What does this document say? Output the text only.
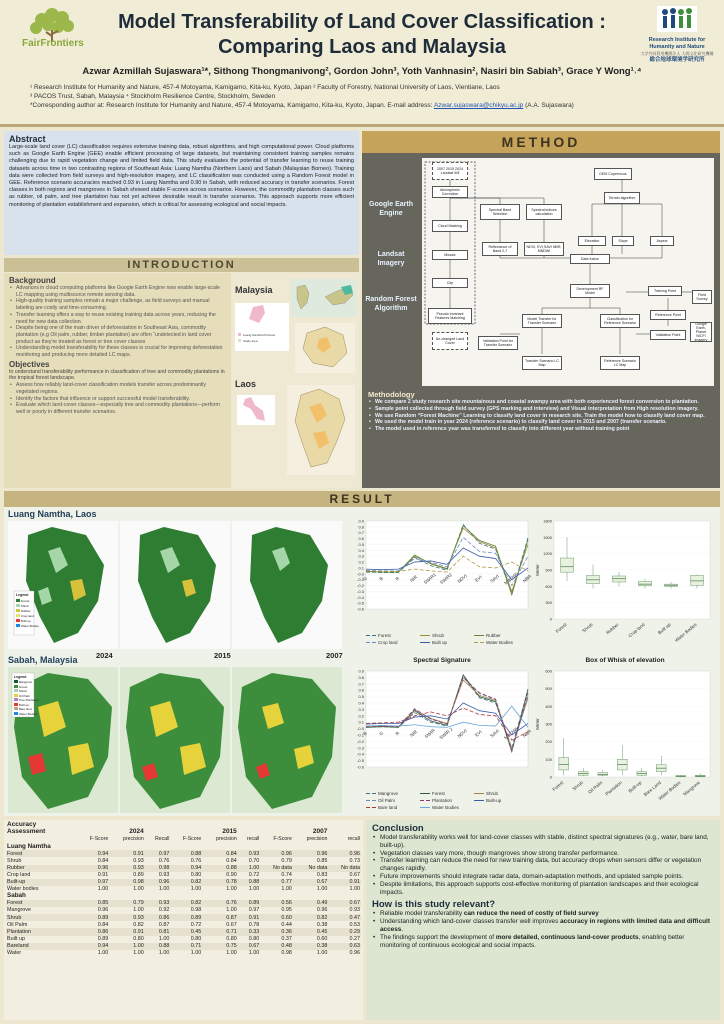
FairFrontiers
Model Transferability of Land Cover Classification :
Comparing Laos and Malaysia	Research Institute for
Humanity and Nature
大学共同利用機関法人 人間文化研究機構
総合地球環境学研究所
Azwar Azmillah Sujaswara¹*, Sithong Thongmanivong², Gordon John³, Yoth Vanhnasin², Nasiri bin Sabiah³, Grace Y Wong¹˒⁴
¹ Research Institute for Humanity and Nature, 457-4 Motoyama, Kamigamo, Kita-ku, Kyoto, Japan ² Faculty of Forestry, National University of Laos, Vientiane, Laos
³ PACOS Trust, Sabah, Malaysia ⁴ Stockholm Resilience Centre, Stockholm, Sweden
*Corresponding author at: Research Institute for Humanity and Nature, 457-4 Motoyama, Kamigamo, Kita-ku, Kyoto, Japan. E-mail address: Azwar.sujaswara@chikyu.ac.jp (A.A. Sujaswara)
Abstract

Large-scale land cover (LC) classification requires extensive training data, robust algorithms, and high computational power. Cloud platforms such as Google Earth Engine (GEE) enable efficient processing of large datasets, but maintaining consistent training samples remains challenging due to rapid vegetation change and limited field data. This study evaluates the potential of transfer learning to reuse training datasets across time in two contrasting regions of Southeast Asia: Luang Namtha (Northern Laos) and Sabah (Malaysian Borneo). Training data were collected from field surveys and high-resolution imagery, and LC classification was conducted using a Random Forest model in GEE. Reference scenario accuracies reached 0.93 in Luang Namtha and 0.90 in Sabah, with reduced accuracy in transfer scenarios. Forest classes in both regions and mangroves in Sabah showed stable F-scores across scenarios. However, the commodity plantation classes such as rubber, oil palm, and tree plantation has not yet achieve desirable result in transfer scenarios. This approach supports more efficient monitoring of plantation establishment and expansion, which is critical for assessing ecological and social impacts.

INTRODUCTION
Background
• Advances in cloud computing platforms like Google Earth Engine now enable large-scale LC mapping using multisource remote sensing data.
• High-quality training samples remain a major challenge, as field surveys and manual labeling are costly and time-consuming.
• Transfer learning offers a way to reuse existing training data across years, reducing the need for new data collection.
• Despite being one of the main driver of deforestation in Southeast Asia, commodity plantation (e.g Oil palm, rubber, timber plantation) are often “undetected in land cover product as they're treated as forest or tree cover classes
• Understanding model transferability for these classes is crucial for improving deforestation monitoring and producing more detailed LC maps.
Objectives
to understand transferability performance in classification of tree and commodity plantations in the tropical forest landscape.
• Assess how reliably land-cover classification models transfer across predominantly vegetated regions.
• Identify the factors that influence or support successful model transferability.
• Evaluate which land-cover classes—especially tree and commodity plantations—perform well or poorly in different transfer scenarios.
Malaysia
Luang Namtha Province
Study area
Laos
METHOD
Google Earth Engine
Landsat Imagery
Random Forest Algorithm
2007 2015 2024 Landsat 5/8	DEM Copernicus
Atmospheric Correction
Spectral Band Selection
Spectral indices calculation
Terrain algorithm
Cloud Masking
Reflectance of Band 2-7
NDVI, EVI,SAVI NBR, MNDWI
Elevation	Slope	Aspect
Mosaic
Data fusion
Clip
Development RF Model
Training Point
Field Survey
Pseudo Invariant Features Matching	Model Transfer for Transfer Scenario
Classification for Reference Scenario
Reference Point
Google Earth, Planet NICFI imagery
Un-changed Land Cover
Validation Point for Transfer Scenario
Validation Point
Transfer Scenario LC Map
Reference Scenario LC Map
Methodology
• We compare 2 study research site mountainous and coastal swampy area with both experienced forest conversion to plantation.
• Sample point collected through field survey (GPS marking and interview) and Visual interpretation from High resolution imagery.
• We use Random “Forest Machine” Learning to classify land cover in research site. Train the model how to classify land cover map.
• We used the model train in year 2024 (reference scenario) to classify land cover in 2015 and 2007 (transfer scenario.
• The model used in reference year was transferred to classify into different year without training point
RESULT
Luang Namtha, Laos
Sabah, Malaysia
Legend
Forest
Shrub
Rubber
Crop land
Built up
Water Bodies
2024	2015	2007
Legend
Mangrove
Forest
Shrub
Oil Palm
Tree Plantation
Built up
Bare land
Water Bodies
-0.6
-0.5
-0.4
-0.3
-0.2
-0.1
-0.0
0.1
0.2
0.3
0.4
0.5
0.6
0.7
0.8
0.9
G B R NIR SWIR1 SWIR2 NDVI EVI SAVI MNDWI NBR
Forest	Shrub	Rubber
Crop land	Built up	Water Bodies
0
300
600
900
1200
1500
1800
Meter
Forest	Shrub	Rubber Crop land	Built up Water Bodies
Spectral Signature	Box of Whisk of elevation
-0.6
-0.5
-0.4
-0.3
-0.2
-0.1
-0.0
0.1
0.2
0.3
0.4
0.5
0.6
0.7
0.8
0.9
B G R NIR SWIR SWIR 2 NDVI EVI SAVI MNDWI NBR
Mangrove	Forest	Shrub
Oil Palm	Plantation	Built-up
Bare land	Water Bodies
0
100
200
300
400
500
600
Meter
Forest Shrub Oil Palm Plantation Built-up Bare Land
Water Bodies Mangrove
Accuracy									
Assessment		2024			2015			2007	
	F-Score	precision	Recall	F-Score	precision	recall	F-Score	precision	recall
Luang Namtha									
Forest	0.94	0.91	0.97	0.88	0.84	0.93	0.96	0.96	0.96
Shrub	0.84	0.93	0.76	0.76	0.84	0.70	0.79	0.85	0.73
Rubber	0.96	0.93	0.98	0.94	0.88	1.00	No data	No data	No data
Crop land	0.91	0.89	0.93	0.80	0.90	0.72	0.74	0.83	0.67
Built-up	0.97	0.98	0.96	0.82	0.78	0.88	0.77	0.67	0.91
Water bodies	1.00	1.00	1.00	1.00	1.00	1.00	1.00	1.00	1.00
Sabah									
Forest	0.85	0.79	0.93	0.82	0.76	0.89	0.56	0.49	0.67
Mangrove	0.96	1.00	0.92	0.98	1.00	0.97	0.95	0.96	0.93
Shrub	0.89	0.93	0.86	0.89	0.87	0.91	0.60	0.82	0.47
Oil Palm	0.84	0.82	0.87	0.72	0.67	0.78	0.44	0.38	0.53
Plantation	0.86	0.91	0.81	0.45	0.71	0.33	0.36	0.45	0.29
Built up	0.89	0.80	1.00	0.80	0.80	0.80	0.37	0.60	0.27
Bareland	0.94	1.00	0.88	0.71	0.75	0.67	0.48	0.38	0.63
Water	1.00	1.00	1.00	1.00	1.00	1.00	0.98	1.00	0.96
Conclusion
• Model transferability works well for land-cover classes with stable, distinct spectral signatures (e.g., water, bare land, built-up).
• Vegetation classes vary more, though mangroves show strong transfer performance.
• Transfer learning can reduce the need for new training data, but accuracy drops when sensors differ or vegetation changes rapidly.
• Future improvements should integrate radar data, domain-adaptation methods, and updated sample points.
• Despite limitations, this approach supports cost-effective monitoring of plantation landscapes and their ecological impacts.
How is this study relevant?
• Reliable model transferability can reduce the need of costly of field survey
• Understanding which land-cover classes transfer well improves accuracy in regions with limited data and difficult access.
• The findings support the development of more detailed, continuous land-cover products, enabling better monitoring of continuous ecological and social impacts.
